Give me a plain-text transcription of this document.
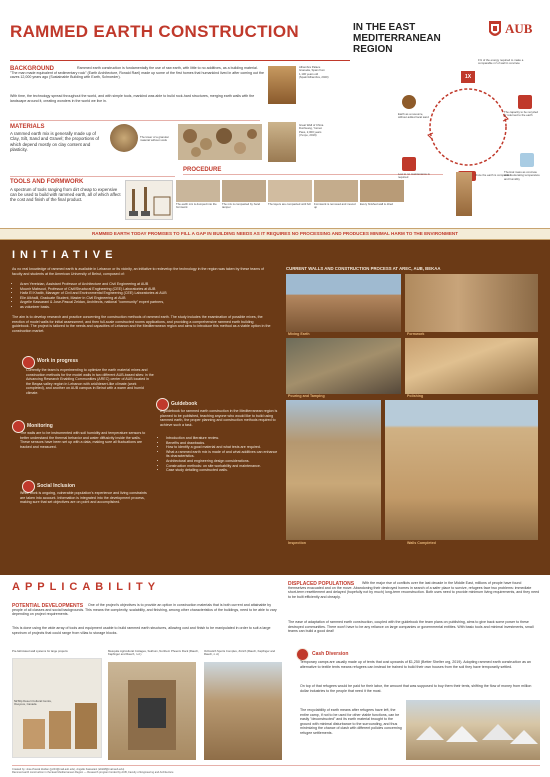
RAMMED EARTH CONSTRUCTION	IN THE EAST MEDITERRANEAN REGION
AUB
BACKGROUND	Rammed earth construction is fundamentally the use of raw earth, with little to no additives, as a building material. "The man made equivalent of sedimentary rock" (Earth Architecture, Ronald Rael) made up some of the first homes that humankind lived in after coming out the caves 12,000 years ago (Sustainable Building with Earth, Schroeder).
With time, the technology spread throughout the world, and with simple tools, mankind was able to build rock-hard structures, merging earth walls with the landscape around it, creating wonders in the world we live in.
Alhambra Palace Granada, Spain from 1,100 years old (Spain/Alhambra, 2020)
Great Wall of China Dunhuang, Yumen Pass, 2,000 years (Yunpo, 2019)
1X
1% of the energy required to make a comparable m³ of wall in concrete
The capacity to be recycled or returned to the earth
Thermal mass as concrete slab moderating temperature and humidity
Earth as a resource, without added local sand
Low to no maintenance is required
MATERIALS
A rammed earth mix is generally made up of Clay, Silt, Sand and Gravel; the proportions of which depend mostly on clay content and plasticity.
The lower of a granular material without voids
PROCEDURE
The earth mix is dumped into the formwork
The mix is compacted by hand tamper
The layers are compacted until full	Formwork is removed and moved up
Every finished wall is dried
Once the earth is compacted
TOOLS AND FORMWORK
A spectrum of tools ranging from dirt cheap to expensive can be used to build with rammed earth, all of which affect the cost and finish of the final product.
RAMMED EARTH TODAY PROMISES TO FILL A GAP IN BUILDING NEEDS AS IT REQUIRES NO PROCESSING AND PRODUCES MINIMAL HARM TO THE ENVIRONMENT
INITIATIVE
As no real knowledge of rammed earth is available in Lebanon or its vicinity, an initiative to redevelop the technology in the region was taken by these teams of faculty and students at the American University of Beirut, composed of:
• Aram Yeretzian, Assistant Professor of Architecture and Civil Engineering at AUB
• Mounir Mabsout, Professor of Civil/Structural Engineering (CEE) Laboratories at AUB
• Hafiz El Khatib, Manager of Civil and Environmental Engineering (CEE) Laboratories at AUB
• Elie Alkhalil, Graduate Student, Master in Civil Engineering at AUB
• Angelle Kassarani & Jose-Pascal Zeidan, Architects, national "community" expert partners,
• as volunteer basis.
The aim is to develop research and practice concerning the construction methods of rammed earth. The study includes the examination of possible mixes, the erection of model walls for initial assessment, and then full-scale constructed rooms applications, and providing a comprehensive rammed earth building guidebook. The project is tailored to the needs and capacities of Lebanon and the Mediterranean region and aims to introduce this method as a viable option in the construction market.
Work in progress
Currently the team is experimenting to optimize the earth material mixes and construction methods for the model walls in two different AUB-based sites: in the Advancing Research Enabling Communities (AREC) center of AUB located in the Beqaa valley region in Lebanon with arid/desert-like climate (work completed), and another on AUB campus in Beirut with a warm and humid climate.
Monitoring
The walls are to be instrumented with soil humidity and temperature sensors to better understand the thermal behavior and water diffusivity inside the walls. These sensors have been set up with a data, making sure all fluctuations are tracked and measured.
Social Inclusion
While work is ongoing, vulnerable population's experience and living constraints are taken into account. Information is integrated into the development process, making sure that set objectives are on point and accomplished.
Guidebook
A guidebook for rammed earth construction in the Mediterranean region is planned to be published, teaching anyone who would like to build using rammed earth, the proper planning and construction methods required to achieve such a task.
• Introduction and literature review.
• Benefits and drawbacks.
• How to identify a good material and what tests are required.
• What a rammed earth mix is made of and what additives can enhance its characteristics.
• Architectural and engineering design considerations.
• Construction methods: on site workability and maintenance.
• Case study detailing constructed walls.
CURRENT WALLS AND CONSTRUCTION PROCESS AT AREC, AUB, BEKAA
Mixing Earth	Formwork
Pouring and Tamping	Polishing
Inspection	Walls Completed
APPLICABILITY
POTENTIAL DEVELOPMENTS	One of the project's objectives is to provide an option in construction materials that is both current and attainable by people of all classes and social backgrounds. This means the complexity, scalability, and finishing, among other characteristics of the buildings, need to be able to vary depending on project requirements.
This is done using the wide array of tools and equipment usable to build rammed earth structures, allowing cost and finish to be manipulated in order to suit a large spectrum of projects that could range from villas to storage blocks.
Pre-fabricated wall systems for large projects
Nk'Mip Desert Cultural Centre, Osoyoos, Canada
Mesquite Agricultural Cottages, Sukhum, Northern Phoenix Rock (Rauch, Kapfinger and Rauch, n.d.)
Ochsstich Sports Complex, Zürich (Rauch, Kapfinger and Rauch, n.d.)
DISPLACED POPULATIONS	With the major rise of conflicts over the last decade in the Middle East, millions of people have found themselves evacuated and on the move. Abandoning their destroyed homes in search of a safer place to survive, refugees face two problems: immediate short-term resettlement and delayed (hopefully not by much) long-term reconstruction. Both uses need to provide minimum living requirements, and they need to be built efficiently and cheaply.
The ease of adaptation of rammed earth construction, coupled with the guidebook the team plans on publishing, aims to give back some power to these destroyed communities. There won't have to be any reliance on large companies or governmental entities. With basic tools and minimal investments, small teams can build a good deal!
Cash Diversion
Temporary camps are usually made up of tents that cost upwards of $1,250 (Better Shelter org, 2019). Adopting rammed earth construction as an alternative to textile tents means refugees can instead be trained to build their own houses from the soil they have temporarily settled.
On top of that refugees would be paid for their labor, the amount that was supposed to buy them their tents, shifting the flow of money from million dollar industries to the people that need it the most.
The recyclability of earth means after refugees have left, the entire camp, if not to be used for other viable functions, can be easily "deconstructed" and its earth material brought to the ground with minimal disturbance to the surrounding, and thus minimizing the chance of clash with different policies concerning refugee settlements.
Created by: Jose-Pascal Zeidan (jpz04@mail.aub.edu), Angelle Kassarani (ahk48@mail.aub.edu)
Rammed earth construction in the East Mediterranean Region — Research program funded by AUB, Faculty of Engineering and Architecture
